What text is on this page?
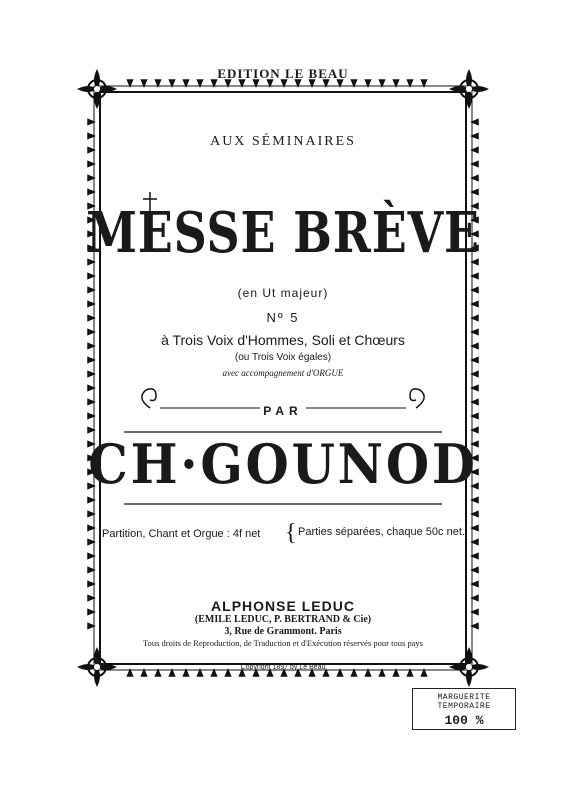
EDITION LE BEAU
AUX SÉMINAIRES
MESSE BRÈVE
(en Ut majeur)
Nº 5
à Trois Voix d'Hommes, Soli et Chœurs
(ou Trois Voix égales)
avec accompagnement d'ORGUE
PAR
CH·GOUNOD
Partition, Chant et Orgue : 4f net { Parties séparées, chaque 50c net.
ALPHONSE LEDUC
(EMILE LEDUC, P. BERTRAND & Cie)
3, Rue de Grammont. Paris
Tous droits de Reproduction, de Traduction et d'Exécution réservés pour tous pays
Copyright 1897 by Le Beau
MARGUERITE TEMPORAIRE
100 %
